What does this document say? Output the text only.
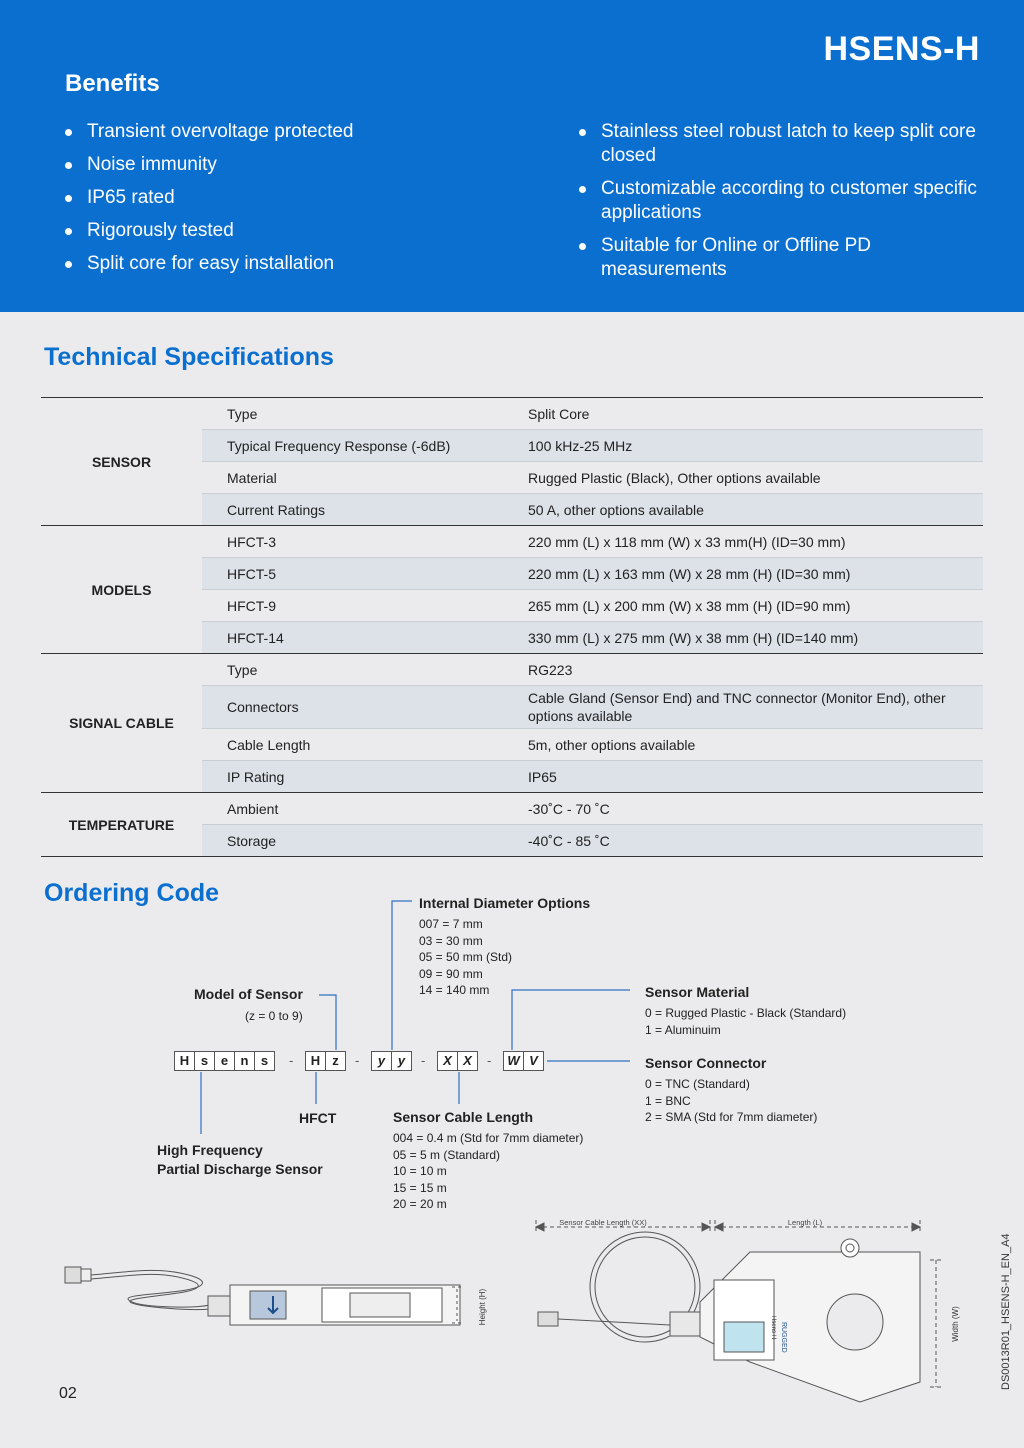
HSENS-H
Benefits
Transient overvoltage protected
Noise immunity
IP65 rated
Rigorously tested
Split core for easy installation
Stainless steel robust latch to keep split core closed
Customizable according to customer specific applications
Suitable for Online or Offline PD measurements
Technical Specifications
SENSOR	Type	Split Core
	Typical Frequency Response (-6dB)	100 kHz-25 MHz
	Material	Rugged Plastic (Black), Other options available
	Current Ratings	50 A, other options available
MODELS	HFCT-3	220 mm (L) x 118 mm (W) x 33 mm(H) (ID=30 mm)
	HFCT-5	220 mm (L) x 163 mm (W) x 28 mm (H) (ID=30 mm)
	HFCT-9	265 mm (L) x 200 mm (W) x 38 mm (H) (ID=90 mm)
	HFCT-14	330 mm (L) x 275 mm (W) x 38 mm (H) (ID=140 mm)
SIGNAL CABLE	Type	RG223
	Connectors	Cable Gland (Sensor End) and TNC connector (Monitor End), other options available
	Cable Length	5m, other options available
	IP Rating	IP65
TEMPERATURE	Ambient	-30˚C - 70 ˚C
	Storage	-40˚C - 85 ˚C
Ordering Code	Internal Diameter Options
007 = 7 mm
03 = 30 mm
05 = 50 mm (Std)
09 = 90 mm
14 = 140 mm
Model of Sensor
(z = 0 to 9)
Sensor Material
0 = Rugged Plastic - Black (Standard)
1 = Aluminuim
Sensor Connector
0 = TNC (Standard)
1 = BNC
2 = SMA (Std for 7mm diameter)
HFCT	Sensor Cable Length
004 = 0.4 m (Std for 7mm diameter)
05 = 5 m (Standard)
10 = 10 m
15 = 15 m
20 = 20 m
High Frequency
Partial Discharge Sensor
H s e n s	-	H z	-	y y	-	X X	-	W V
Height (H)
Sensor Cable Length (XX)	Length (L)
Width (W)
RUGGED
Hsens-H
02
DS0013R01_HSENS-H_EN_A4
